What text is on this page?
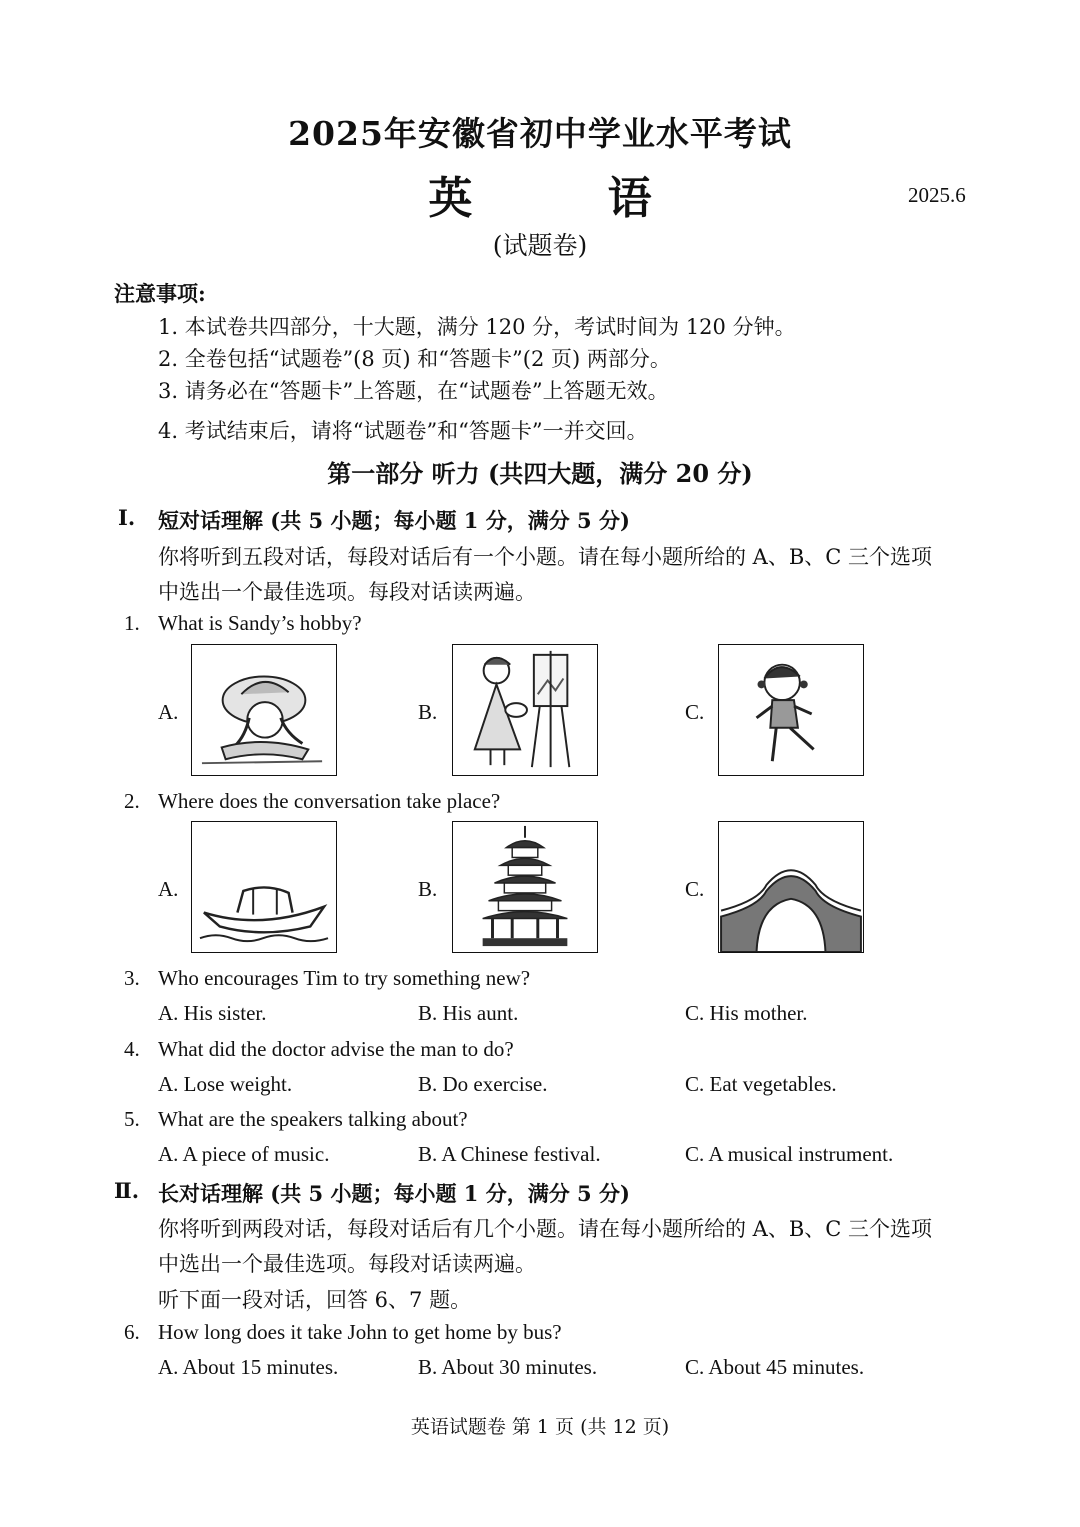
2025年安徽省初中学业水平考试
英 语	2025.6
(试题卷)
注意事项:
1. 本试卷共四部分，十大题，满分 120 分，考试时间为 120 分钟。
2. 全卷包括“试题卷”(8 页) 和“答题卡”(2 页) 两部分。
3. 请务必在“答题卡”上答题，在“试题卷”上答题无效。
4. 考试结束后，请将“试题卷”和“答题卡”一并交回。
第一部分 听力 (共四大题，满分 20 分)
Ⅰ. 短对话理解 (共 5 小题；每小题 1 分，满分 5 分)
你将听到五段对话，每段对话后有一个小题。请在每小题所给的 A、B、C 三个选项
中选出一个最佳选项。每段对话读两遍。
1. What is Sandy’s hobby?
A.	B.	C.
2. Where does the conversation take place?
A.	B.	C.
3. Who encourages Tim to try something new?
A. His sister.	B. His aunt.	C. His mother.
4. What did the doctor advise the man to do?
A. Lose weight.	B. Do exercise.	C. Eat vegetables.
5. What are the speakers talking about?
A. A piece of music.	B. A Chinese festival.	C. A musical instrument.
Ⅱ. 长对话理解 (共 5 小题；每小题 1 分，满分 5 分)
你将听到两段对话，每段对话后有几个小题。请在每小题所给的 A、B、C 三个选项
中选出一个最佳选项。每段对话读两遍。
听下面一段对话，回答 6、7 题。
6. How long does it take John to get home by bus?
A. About 15 minutes.	B. About 30 minutes.	C. About 45 minutes.
英语试题卷 第 1 页 (共 12 页)
